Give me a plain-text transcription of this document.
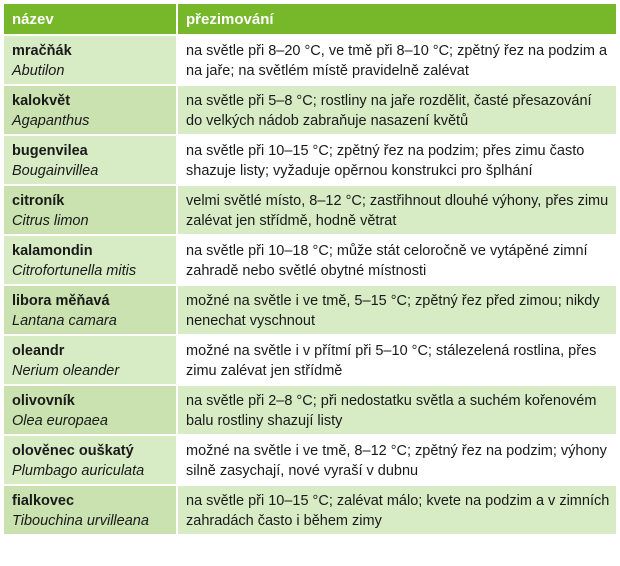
název	přezimování

mračňák
Abutilon	na světle při 8–20 °C, ve tmě při 8–10 °C; zpětný řez na podzim a na jaře; na světlém místě pravidelně zalévat

kalokvět
Agapanthus	na světle při 5–8 °C; rostliny na jaře rozdělit, časté přesazování do velkých nádob zabraňuje nasazení květů

bugenvilea
Bougainvillea	na světle při 10–15 °C; zpětný řez na podzim; přes zimu často shazuje listy; vyžaduje opěrnou konstrukci pro šplhání

citroník
Citrus limon	velmi světlé místo, 8–12 °C; zastřihnout dlouhé výhony, přes zimu zalévat jen střídmě, hodně větrat

kalamondin
Citrofortunella mitis	na světle při 10–18 °C; může stát celoročně ve vytápěné zimní zahradě nebo světlé obytné místnosti

libora měňavá
Lantana camara	možné na světle i ve tmě, 5–15 °C; zpětný řez před zimou; nikdy nenechat vyschnout

oleandr
Nerium oleander	možné na světle i v přítmí při 5–10 °C; stálezelená rostlina, přes zimu zalévat jen střídmě

olivovník
Olea europaea	na světle při 2–8 °C; při nedostatku světla a suchém kořenovém balu rostliny shazují listy

olověnec ouškatý
Plumbago auriculata	možné na světle i ve tmě, 8–12 °C; zpětný řez na podzim; výhony silně zasychají, nové vyraší v dubnu

fialkovec
Tibouchina urvilleana	na světle při 10–15 °C; zalévat málo; kvete na podzim a v zimních zahradách často i během zimy
